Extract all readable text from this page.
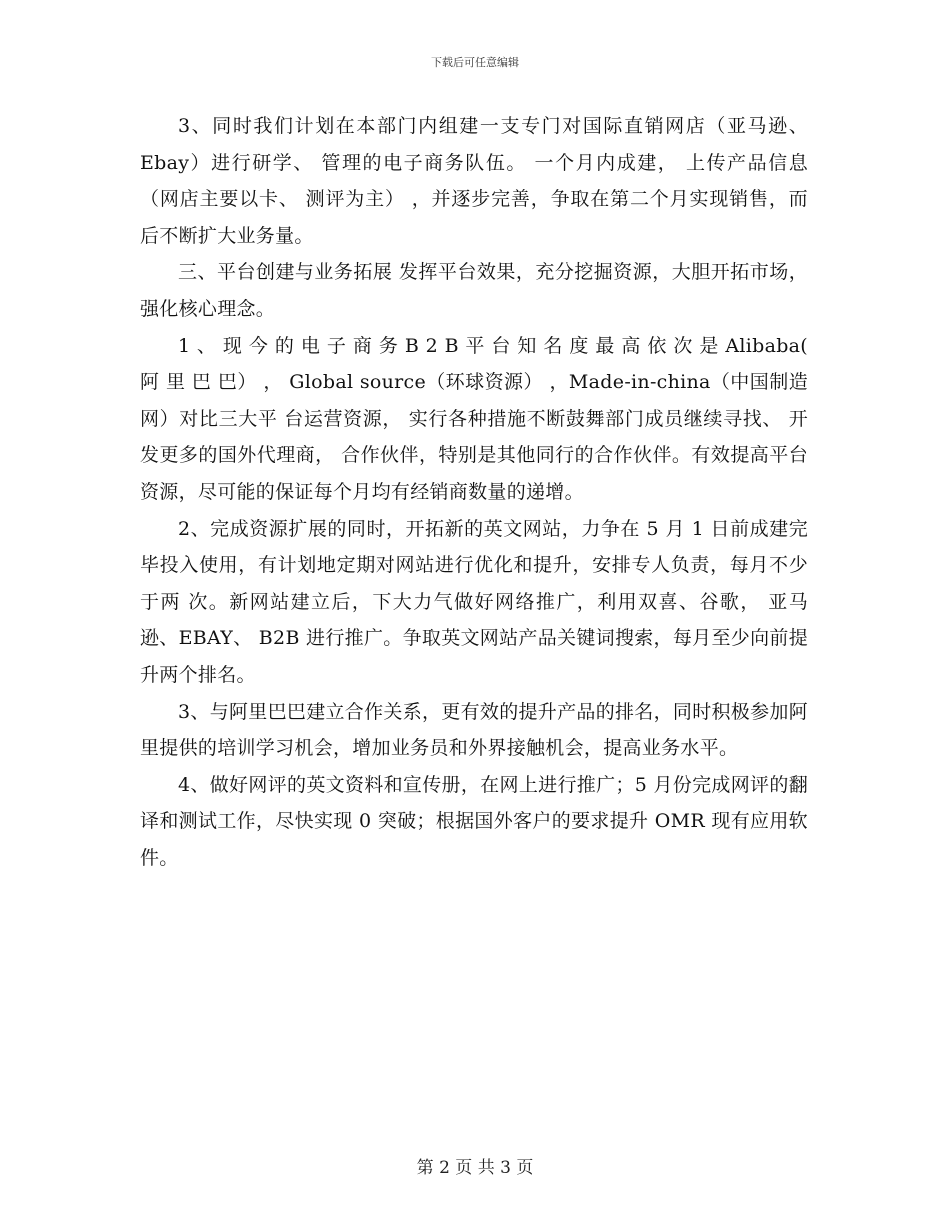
下载后可任意编辑

3、同时我们计划在本部门内组建一支专门对国际直销网店（亚马逊、Ebay）进行研学、 管理的电子商务队伍。 一个月内成建， 上传产品信息 （网店主要以卡、 测评为主） ，并逐步完善，争取在第二个月实现销售，而后不断扩大业务量。

三、平台创建与业务拓展 发挥平台效果，充分挖掘资源，大胆开拓市场，强化核心理念。

1 、 现 今 的 电 子 商 务 B 2 B 平 台 知 名 度 最 高 依 次 是 Alibaba( 阿 里 巴 巴） ， Global source（环球资源） ，Made-in-china（中国制造网）对比三大平 台运营资源， 实行各种措施不断鼓舞部门成员继续寻找、 开发更多的国外代理商， 合作伙伴，特别是其他同行的合作伙伴。有效提高平台资源，尽可能的保证每个月均有经销商数量的递增。

2、完成资源扩展的同时，开拓新的英文网站，力争在 5 月 1 日前成建完毕投入使用，有计划地定期对网站进行优化和提升，安排专人负责，每月不少于两 次。新网站建立后，下大力气做好网络推广，利用双喜、谷歌， 亚马逊、EBAY、 B2B 进行推广。争取英文网站产品关键词搜索，每月至少向前提升两个排名。

3、与阿里巴巴建立合作关系，更有效的提升产品的排名，同时积极参加阿 里提供的培训学习机会，增加业务员和外界接触机会，提高业务水平。

4、做好网评的英文资料和宣传册，在网上进行推广；5 月份完成网评的翻 译和测试工作，尽快实现 0 突破；根据国外客户的要求提升 OMR 现有应用软件。

第 2 页 共 3 页
